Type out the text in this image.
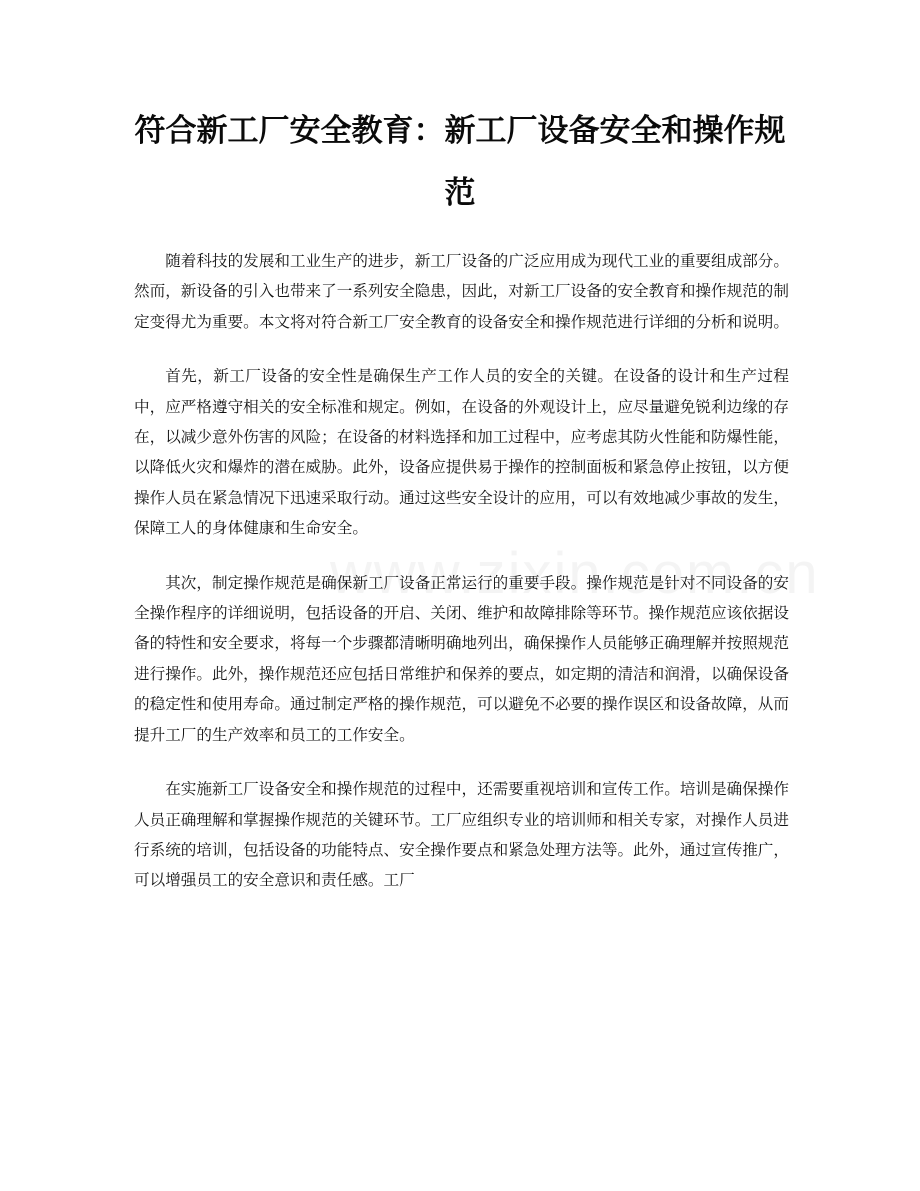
符合新工厂安全教育：新工厂设备安全和操作规范

随着科技的发展和工业生产的进步，新工厂设备的广泛应用成为现代工业的重要组成部分。然而，新设备的引入也带来了一系列安全隐患，因此，对新工厂设备的安全教育和操作规范的制定变得尤为重要。本文将对符合新工厂安全教育的设备安全和操作规范进行详细的分析和说明。

首先，新工厂设备的安全性是确保生产工作人员的安全的关键。在设备的设计和生产过程中，应严格遵守相关的安全标准和规定。例如，在设备的外观设计上，应尽量避免锐利边缘的存在，以减少意外伤害的风险；在设备的材料选择和加工过程中，应考虑其防火性能和防爆性能，以降低火灾和爆炸的潜在威胁。此外，设备应提供易于操作的控制面板和紧急停止按钮，以方便操作人员在紧急情况下迅速采取行动。通过这些安全设计的应用，可以有效地减少事故的发生，保障工人的身体健康和生命安全。

其次，制定操作规范是确保新工厂设备正常运行的重要手段。操作规范是针对不同设备的安全操作程序的详细说明，包括设备的开启、关闭、维护和故障排除等环节。操作规范应该依据设备的特性和安全要求，将每一个步骤都清晰明确地列出，确保操作人员能够正确理解并按照规范进行操作。此外，操作规范还应包括日常维护和保养的要点，如定期的清洁和润滑，以确保设备的稳定性和使用寿命。通过制定严格的操作规范，可以避免不必要的操作误区和设备故障，从而提升工厂的生产效率和员工的工作安全。

在实施新工厂设备安全和操作规范的过程中，还需要重视培训和宣传工作。培训是确保操作人员正确理解和掌握操作规范的关键环节。工厂应组织专业的培训师和相关专家，对操作人员进行系统的培训，包括设备的功能特点、安全操作要点和紧急处理方法等。此外，通过宣传推广，可以增强员工的安全意识和责任感。工厂
